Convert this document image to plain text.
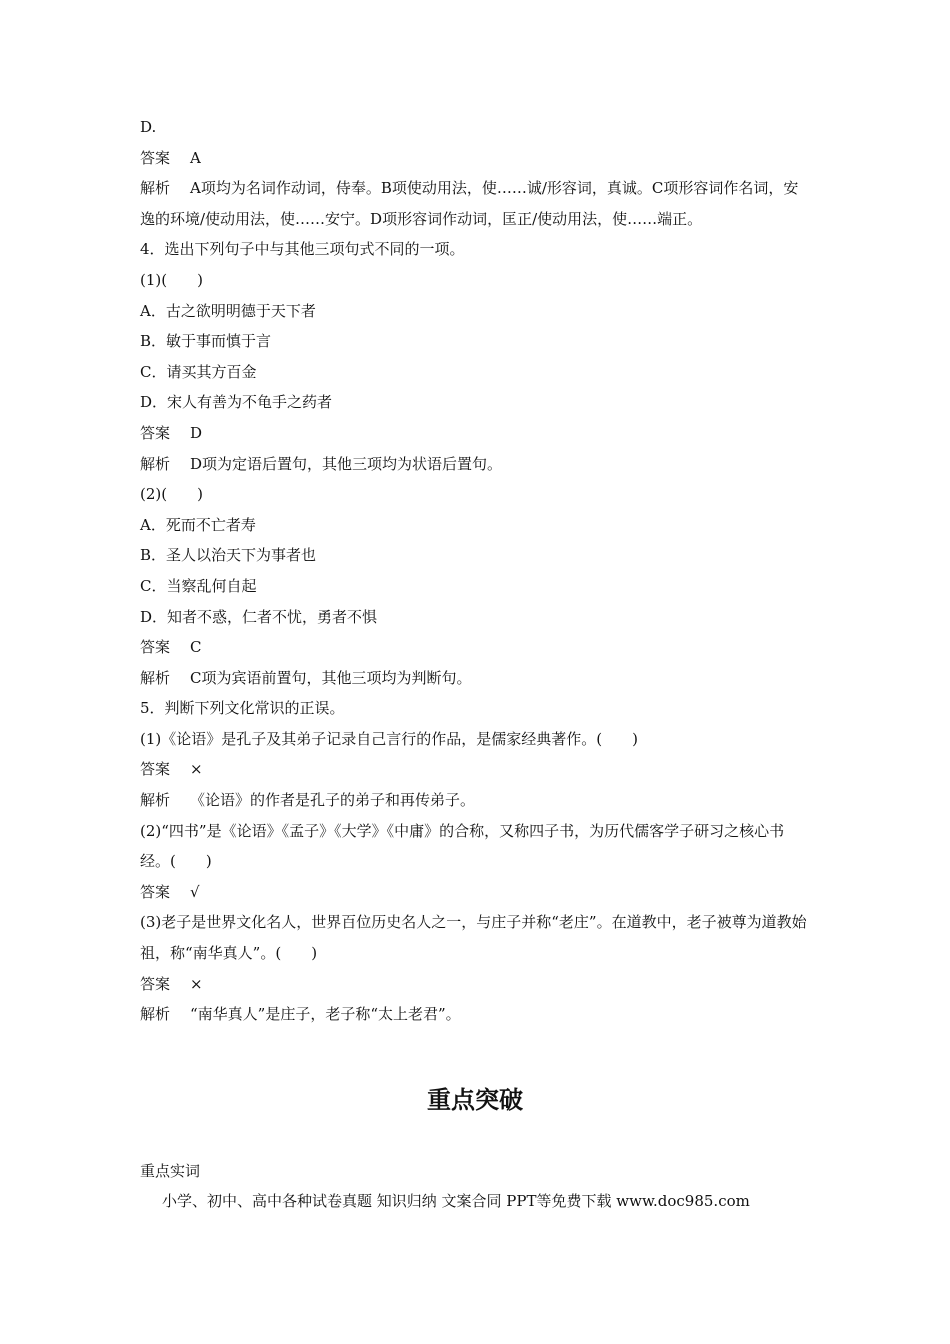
D.

答案 A

解析 A项均为名词作动词，侍奉。B项使动用法，使……诚/形容词，真诚。C项形容词作名词，安逸的环境/使动用法，使……安宁。D项形容词作动词，匡正/使动用法，使……端正。

4．选出下列句子中与其他三项句式不同的一项。

(1)(　　)

A．古之欲明明德于天下者

B．敏于事而慎于言

C．请买其方百金

D．宋人有善为不龟手之药者

答案 D

解析 D项为定语后置句，其他三项均为状语后置句。

(2)(　　)

A．死而不亡者寿

B．圣人以治天下为事者也

C．当察乱何自起

D．知者不惑，仁者不忧，勇者不惧

答案 C

解析 C项为宾语前置句，其他三项均为判断句。

5．判断下列文化常识的正误。

(1)《论语》是孔子及其弟子记录自己言行的作品，是儒家经典著作。(　　)

答案 ×

解析 《论语》的作者是孔子的弟子和再传弟子。

(2)“四书”是《论语》《孟子》《大学》《中庸》的合称，又称四子书，为历代儒客学子研习之核心书经。(　　)

答案 √

(3)老子是世界文化名人，世界百位历史名人之一，与庄子并称“老庄”。在道教中，老子被尊为道教始祖，称“南华真人”。(　　)

答案 ×

解析 “南华真人”是庄子，老子称“太上老君”。

重点突破
重点实词
小学、初中、高中各种试卷真题 知识归纳 文案合同 PPT等免费下载 www.doc985.com
